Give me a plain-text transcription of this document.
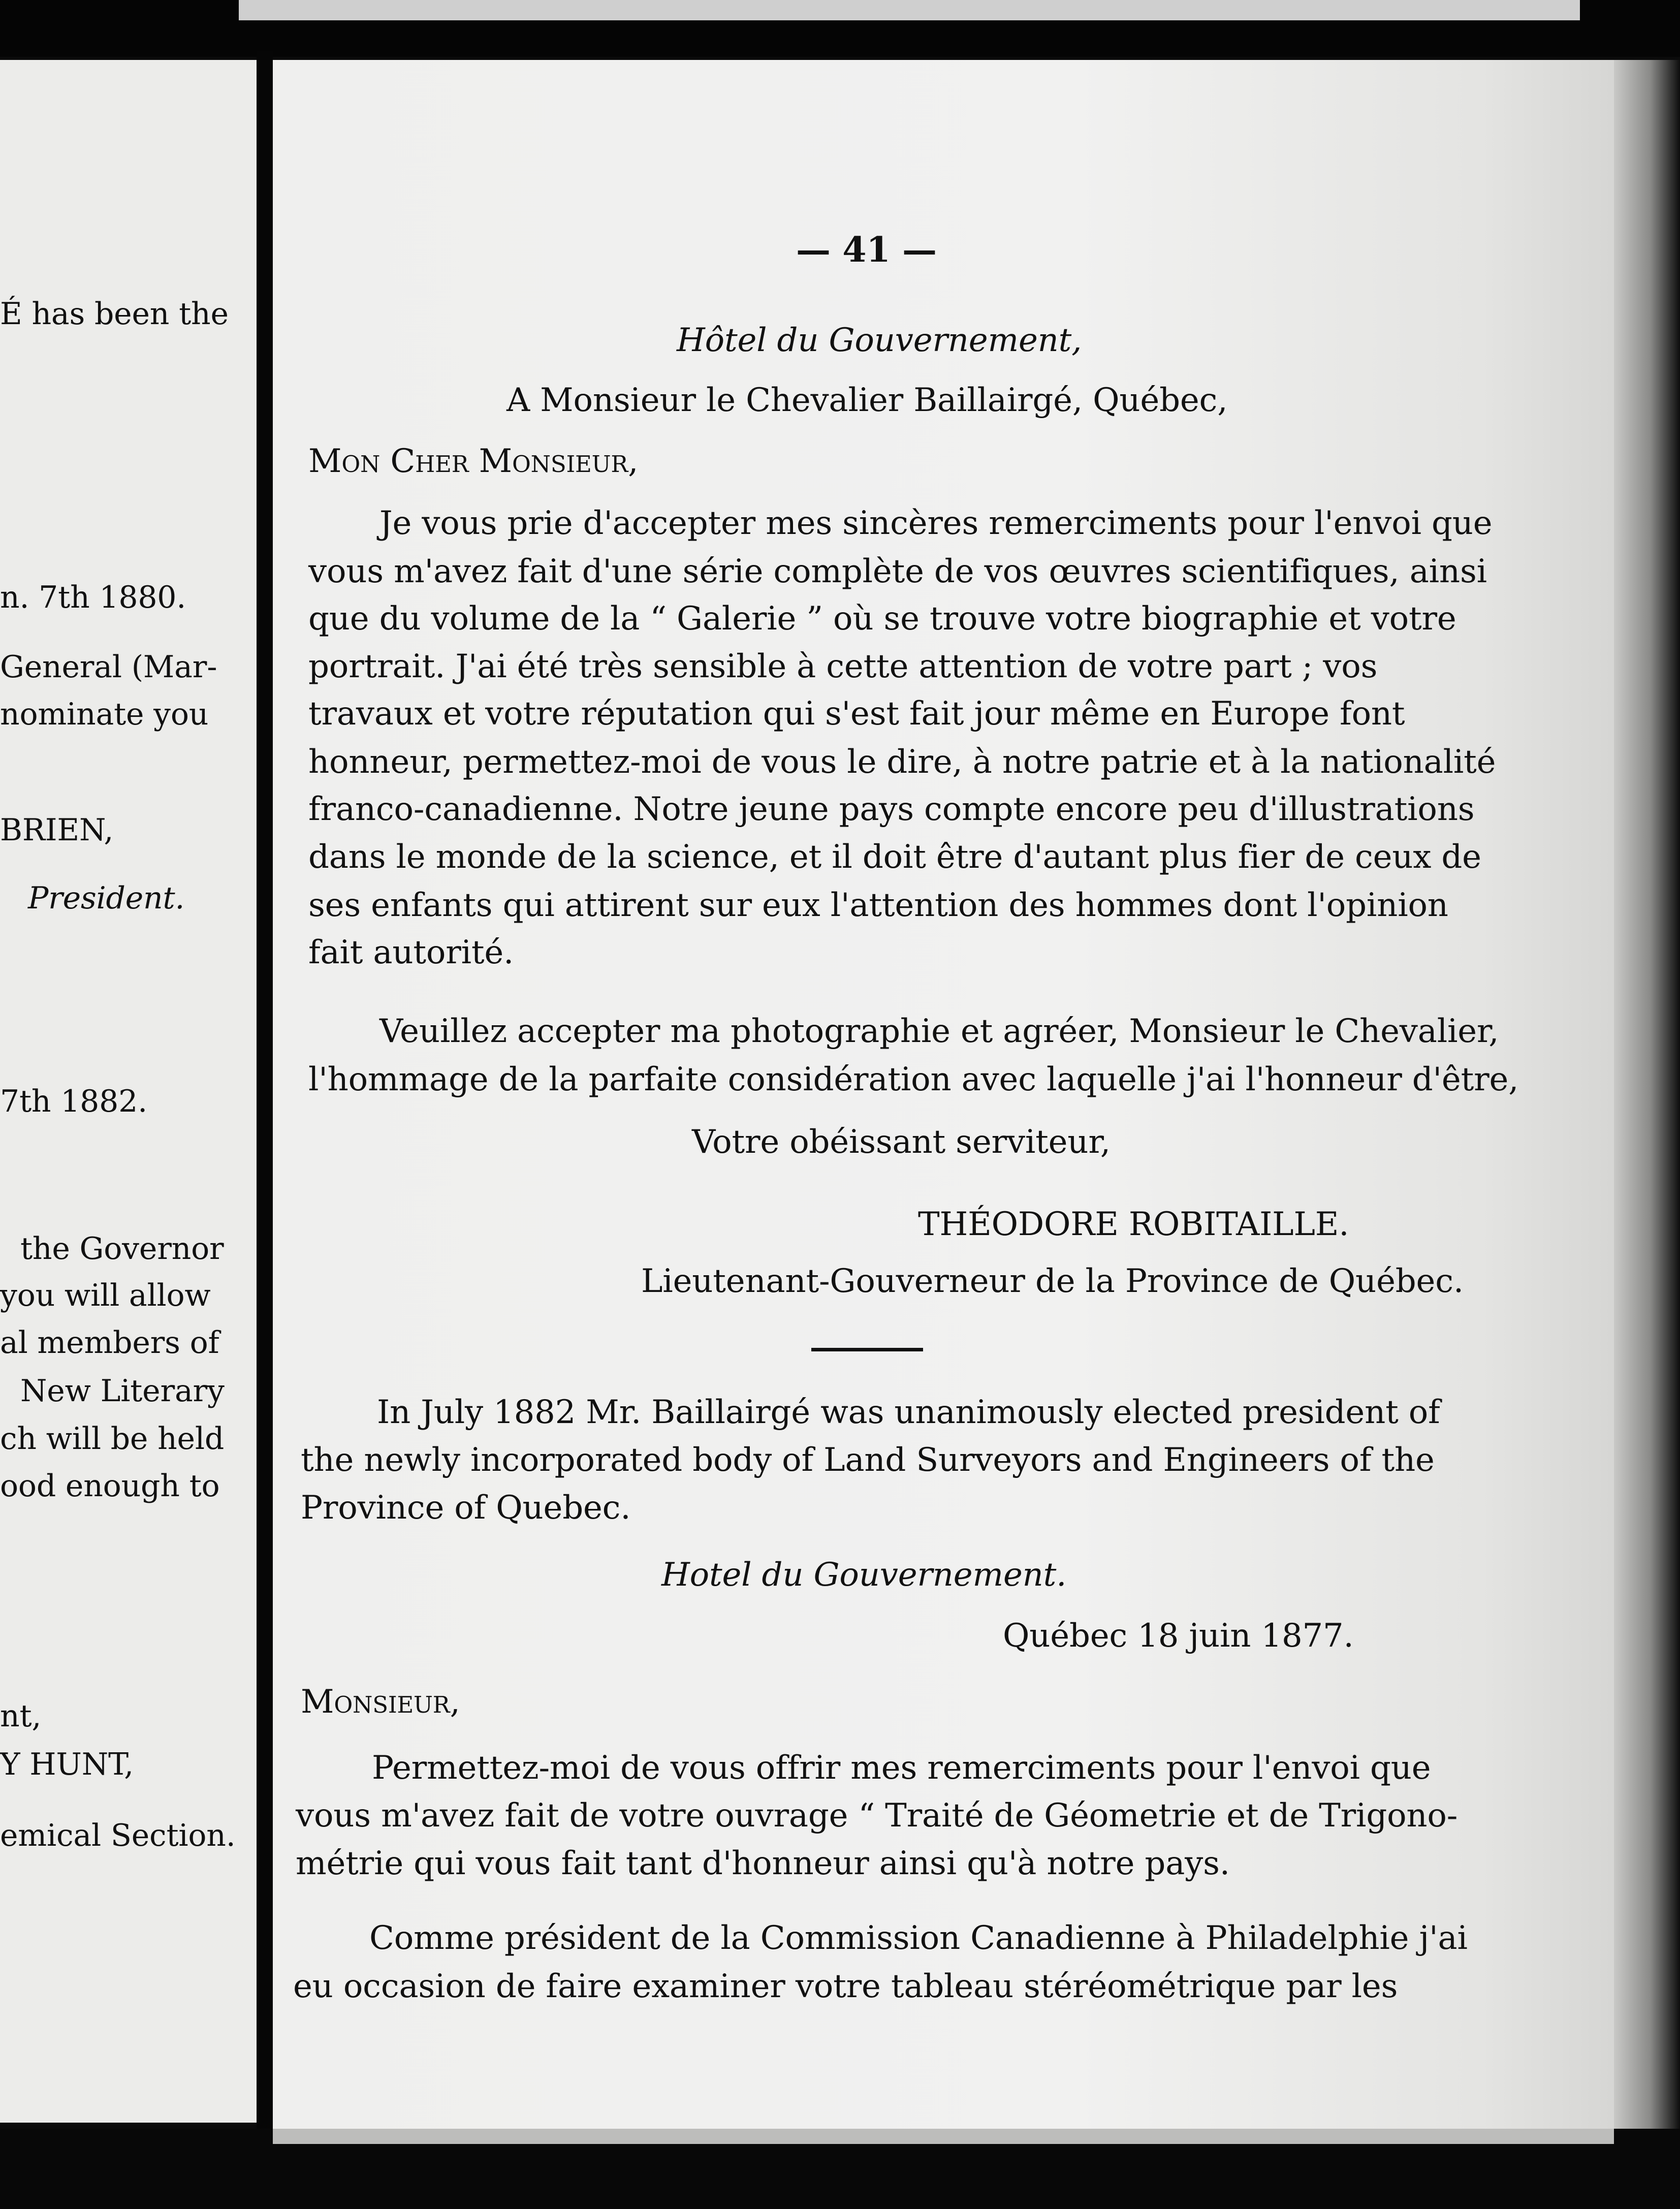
É has been the
n. 7th 1880.
General (Mar-
nominate you
BRIEN,
President.
7th 1882.
the Governor
you will allow
al members of
New Literary
ch will be held
ood enough to
nt,
Y HUNT,
emical Section.
— 41 —
Hôtel du Gouvernement,
A Monsieur le Chevalier Baillairgé, Québec,
Mon Cher Monsieur,
Je vous prie d'accepter mes sincères remerciments pour l'envoi que
vous m'avez fait d'une série complète de vos œuvres scientifiques, ainsi
que du volume de la “ Galerie ” où se trouve votre biographie et votre
portrait. J'ai été très sensible à cette attention de votre part ; vos
travaux et votre réputation qui s'est fait jour même en Europe font
honneur, permettez-moi de vous le dire, à notre patrie et à la nationalité
franco-canadienne. Notre jeune pays compte encore peu d'illustrations
dans le monde de la science, et il doit être d'autant plus fier de ceux de
ses enfants qui attirent sur eux l'attention des hommes dont l'opinion
fait autorité.
Veuillez accepter ma photographie et agréer, Monsieur le Chevalier,
l'hommage de la parfaite considération avec laquelle j'ai l'honneur d'être,
Votre obéissant serviteur,
THÉODORE ROBITAILLE.
Lieutenant-Gouverneur de la Province de Québec.
In July 1882 Mr. Baillairgé was unanimously elected president of
the newly incorporated body of Land Surveyors and Engineers of the
Province of Quebec.
Hotel du Gouvernement.
Québec 18 juin 1877.
Monsieur,
Permettez-moi de vous offrir mes remerciments pour l'envoi que
vous m'avez fait de votre ouvrage “ Traité de Géometrie et de Trigono-
métrie qui vous fait tant d'honneur ainsi qu'à notre pays.
Comme président de la Commission Canadienne à Philadelphie j'ai
eu occasion de faire examiner votre tableau stéréométrique par les
